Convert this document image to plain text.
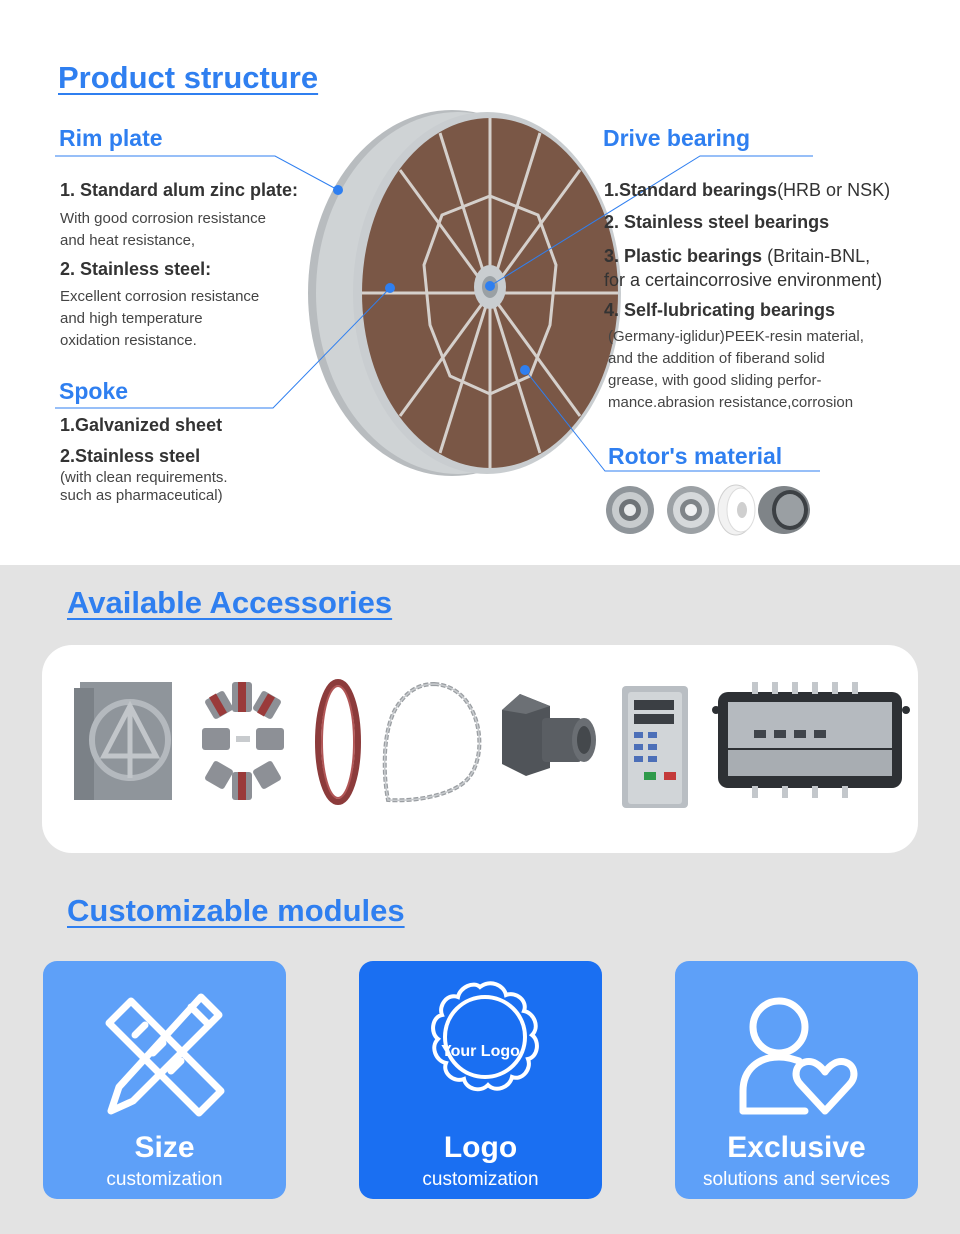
Product structure
Rim plate
1. Standard alum zinc plate:
With good corrosion resistance
and heat resistance,
2. Stainless steel:
Excellent corrosion resistance
and high temperature
oxidation resistance.
Spoke
1.Galvanized sheet
2.Stainless steel
(with clean requirements.
such as pharmaceutical)
Drive bearing
1.Standard bearings(HRB or NSK)
2. Stainless steel bearings
3. Plastic bearings (Britain-BNL,
for a certaincorrosive environment)
4. Self-lubricating bearings
(Germany-iglidur)PEEK-resin material,
and the addition of fiberand solid
grease, with good sliding perfor-
mance.abrasion resistance,corrosion
Rotor's material
Available Accessories
Customizable modules
Size
customization
Your Logo
Logo
customization
Exclusive
solutions and services
